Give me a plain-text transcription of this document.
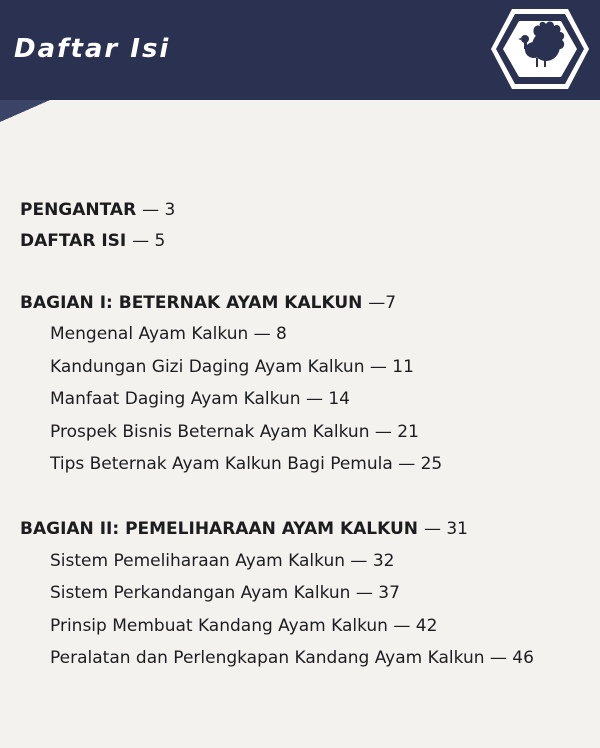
Daftar Isi
PENGANTAR — 3
DAFTAR ISI — 5
BAGIAN I: BETERNAK AYAM KALKUN —7
Mengenal Ayam Kalkun — 8
Kandungan Gizi Daging Ayam Kalkun — 11
Manfaat Daging Ayam Kalkun — 14
Prospek Bisnis Beternak Ayam Kalkun — 21
Tips Beternak Ayam Kalkun Bagi Pemula — 25
BAGIAN II: PEMELIHARAAN AYAM KALKUN — 31
Sistem Pemeliharaan Ayam Kalkun — 32
Sistem Perkandangan Ayam Kalkun — 37
Prinsip Membuat Kandang Ayam Kalkun — 42
Peralatan dan Perlengkapan Kandang Ayam Kalkun — 46
